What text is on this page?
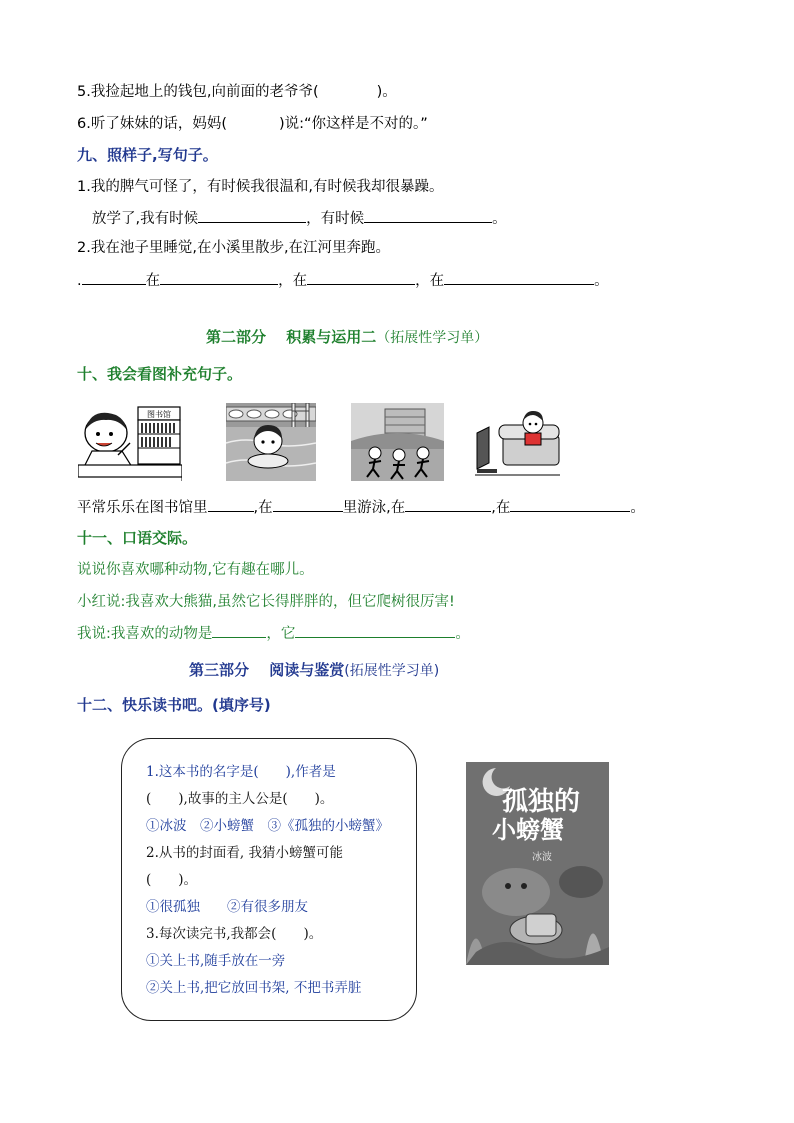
5.我捡起地上的钱包,向前面的老爷爷(	)。
6.听了妹妹的话，妈妈(	)说:“你这样是不对的。”
九、照样子,写句子。
1.我的脾气可怪了，有时候我很温和,有时候我却很暴躁。
放学了,我有时候	，有时候	。
2.我在池子里睡觉,在小溪里散步,在江河里奔跑。
.	在	，在	，在	。
第二部分　 积累与运用二（拓展性学习单）
十、我会看图补充句子。
图书馆
平常乐乐在图书馆里	,在	里游泳,在	,在	。
十一、口语交际。
说说你喜欢哪种动物,它有趣在哪儿。
小红说:我喜欢大熊猫,虽然它长得胖胖的，但它爬树很厉害!
我说:我喜欢的动物是	，它	。
第三部分　 阅读与鉴赏(拓展性学习单)
十二、快乐读书吧。(填序号)
1.这本书的名字是(　　),作者是
(　　),故事的主人公是(　　)。
①冰波　②小螃蟹　③《孤独的小螃蟹》
2.从书的封面看, 我猜小螃蟹可能
(　　)。
①很孤独　　②有很多朋友
3.每次读完书,我都会(　　)。
①关上书,随手放在一旁
②关上书,把它放回书架, 不把书弄脏
孤独的
小螃蟹
冰波
